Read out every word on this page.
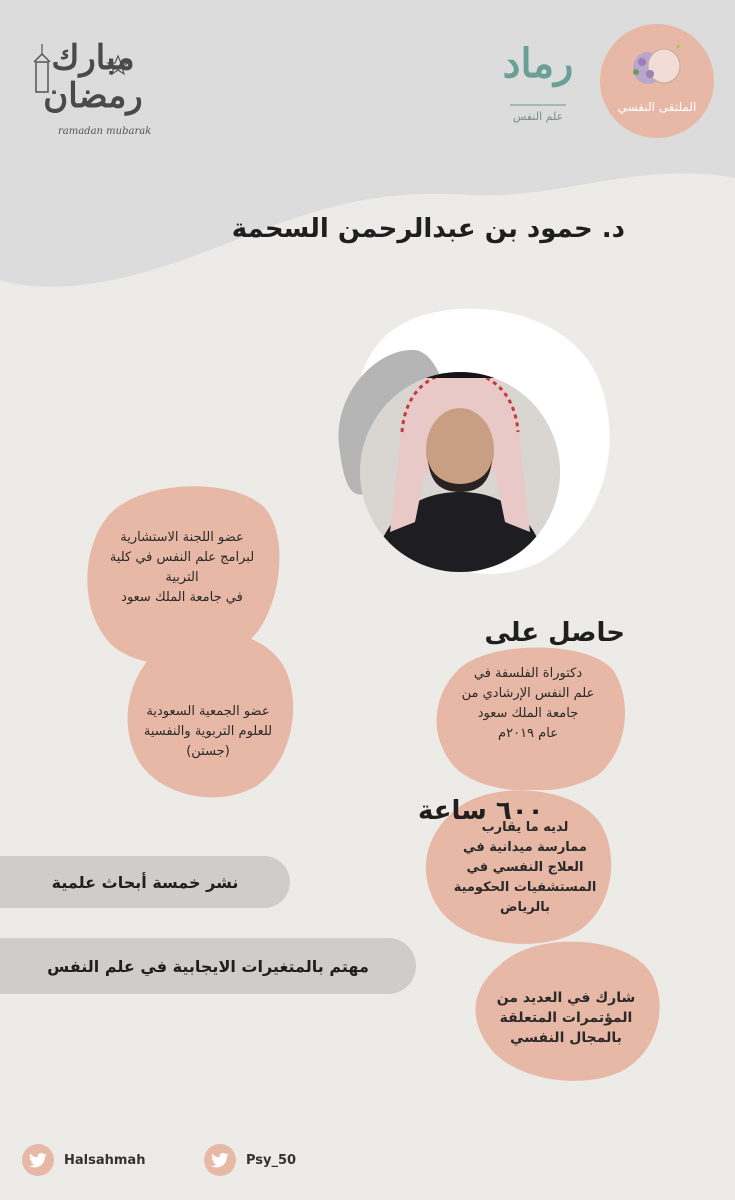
مبارك
رمضان
ramadan mubarak
رماد
علم النفس
الملتقى النفسي
د. حمود بن عبدالرحمن السحمة
عضو اللجنة الاستشارية
لبرامج علم النفس في كلية التربية
في جامعة الملك سعود
عضو الجمعية السعودية
للعلوم التربوية والنفسية
(جستن)
حاصل على
دكتوراة الفلسفة في
علم النفس الإرشادي من
جامعة الملك سعود
عام ٢٠١٩م
٦٠٠ ساعة
لديه ما يقارب
ممارسة ميدانية في
العلاج النفسي في
المستشفيات الحكومية
بالرياض
شارك في العديد من
المؤتمرات المتعلقة
بالمجال النفسي
نشر خمسة أبحاث علمية
مهتم بالمتغيرات الايجابية في علم النفس
Halsahmah	Psy_50
